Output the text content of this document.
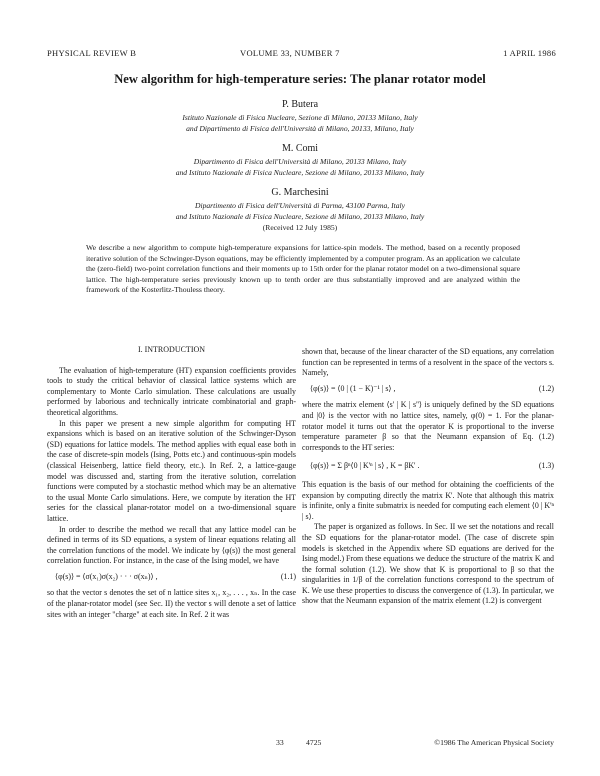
PHYSICAL REVIEW B	VOLUME 33, NUMBER 7	1 APRIL 1986
New algorithm for high-temperature series: The planar rotator model
P. Butera
Istituto Nazionale di Fisica Nucleare, Sezione di Milano, 20133 Milano, Italy
and Dipartimento di Fisica dell'Università di Milano, 20133, Milano, Italy
M. Comi
Dipartimento di Fisica dell'Università di Milano, 20133 Milano, Italy
and Istituto Nazionale di Fisica Nucleare, Sezione di Milano, 20133 Milano, Italy
G. Marchesini
Dipartimento di Fisica dell'Università di Parma, 43100 Parma, Italy
and Istituto Nazionale di Fisica Nucleare, Sezione di Milano, 20133 Milano, Italy
(Received 12 July 1985)
We describe a new algorithm to compute high-temperature expansions for lattice-spin models. The method, based on a recently proposed iterative solution of the Schwinger-Dyson equations, may be efficiently implemented by a computer program. As an application we calculate the (zero-field) two-point correlation functions and their moments up to 15th order for the planar rotator model on a two-dimensional square lattice. The high-temperature series previously known up to tenth order are thus substantially improved and are analyzed within the framework of the Kosterlitz-Thouless theory.
I. INTRODUCTION

The evaluation of high-temperature (HT) expansion coefficients provides tools to study the critical behavior of classical lattice systems which are complementary to Monte Carlo simulation. These calculations are usually performed by laborious and technically intricate combinatorial and graph-theoretical algorithms.

In this paper we present a new simple algorithm for computing HT expansions which is based on an iterative solution of the Schwinger-Dyson (SD) equations for lattice models. The method applies with equal ease both in the case of discrete-spin models (Ising, Potts etc.) and continuous-spin models (classical Heisenberg, lattice field theory, etc.). In Ref. 2, a lattice-gauge model was discussed and, starting from the iterative solution, correlation functions were computed by a stochastic method which may be an alternative to the usual Monte Carlo simulations. Here, we compute by iteration the HT series for the classical planar-rotator model on a two-dimensional square lattice.

In order to describe the method we recall that any lattice model can be defined in terms of its SD equations, a system of linear equations relating all the correlation functions of the model. We indicate by ⟨φ(s)⟩ the most general correlation function. For instance, in the case of the Ising model, we have

⟨φ(s)⟩ = ⟨σ(x₁)σ(x₂) · · · σ(xₙ)⟩ ,	(1.1)

so that the vector s denotes the set of n lattice sites x₁, x₂, . . . , xₙ. In the case of the planar-rotator model (see Sec. II) the vector s will denote a set of lattice sites with an integer "charge" at each site. In Ref. 2 it was

shown that, because of the linear character of the SD equations, any correlation function can be represented in terms of a resolvent in the space of the vectors s. Namely,

⟨φ(s)⟩ = ⟨0 | (1 − K)⁻¹ | s⟩ ,	(1.2)

where the matrix element ⟨s' | K | s''⟩ is uniquely defined by the SD equations and |0⟩ is the vector with no lattice sites, namely, φ(0) = 1. For the planar-rotator model it turns out that the operator K is proportional to the inverse temperature parameter β so that the Neumann expansion of Eq. (1.2) corresponds to the HT series:

⟨φ(s)⟩ = Σ βⁿ⟨0 | K'ⁿ | s⟩ , K = βK' .	(1.3)

This equation is the basis of our method for obtaining the coefficients of the expansion by computing directly the matrix K'. Note that although this matrix is infinite, only a finite submatrix is needed for computing each element ⟨0 | K'ⁿ | s⟩.

The paper is organized as follows. In Sec. II we set the notations and recall the SD equations for the planar-rotator model. (The case of discrete spin models is sketched in the Appendix where SD equations are derived for the Ising model.) From these equations we deduce the structure of the matrix K and the formal solution (1.2). We show that K is proportional to β so that the singularities in 1/β of the correlation functions correspond to the spectrum of K. We use these properties to discuss the convergence of (1.3). In particular, we show that the Neumann expansion of the matrix element (1.2) is convergent

33	4725	©1986 The American Physical Society
